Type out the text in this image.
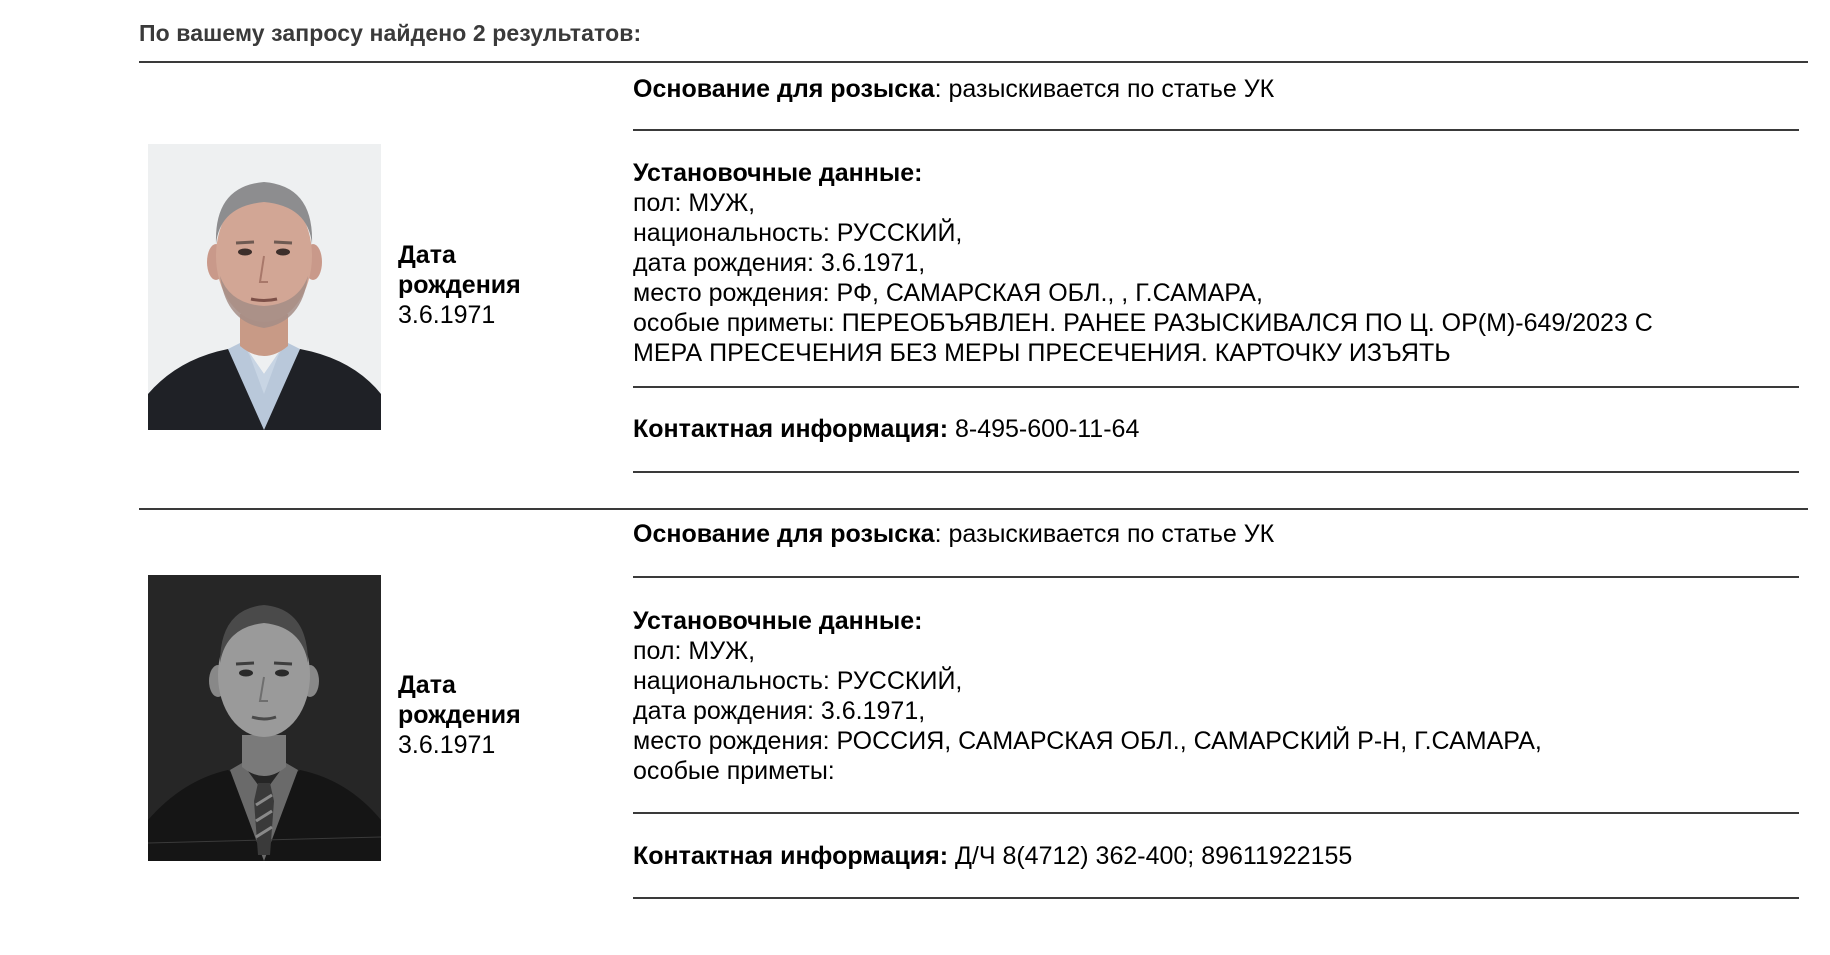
По вашему запросу найдено 2 результатов:
Дата
рождения
3.6.1971
Основание для розыска: разыскивается по статье УК
Установочные данные:
пол: МУЖ,
национальность: РУССКИЙ,
дата рождения: 3.6.1971,
место рождения: РФ, САМАРСКАЯ ОБЛ., , Г.САМАРА,
особые приметы: ПЕРЕОБЪЯВЛЕН. РАНЕЕ РАЗЫСКИВАЛСЯ ПО Ц. ОР(М)-649/2023 С
МЕРА ПРЕСЕЧЕНИЯ БЕЗ МЕРЫ ПРЕСЕЧЕНИЯ. КАРТОЧКУ ИЗЪЯТЬ
Контактная информация: 8-495-600-11-64
Дата
рождения
3.6.1971
Основание для розыска: разыскивается по статье УК
Установочные данные:
пол: МУЖ,
национальность: РУССКИЙ,
дата рождения: 3.6.1971,
место рождения: РОССИЯ, САМАРСКАЯ ОБЛ., САМАРСКИЙ Р-Н, Г.САМАРА,
особые приметы:
Контактная информация: Д/Ч 8(4712) 362-400; 89611922155
